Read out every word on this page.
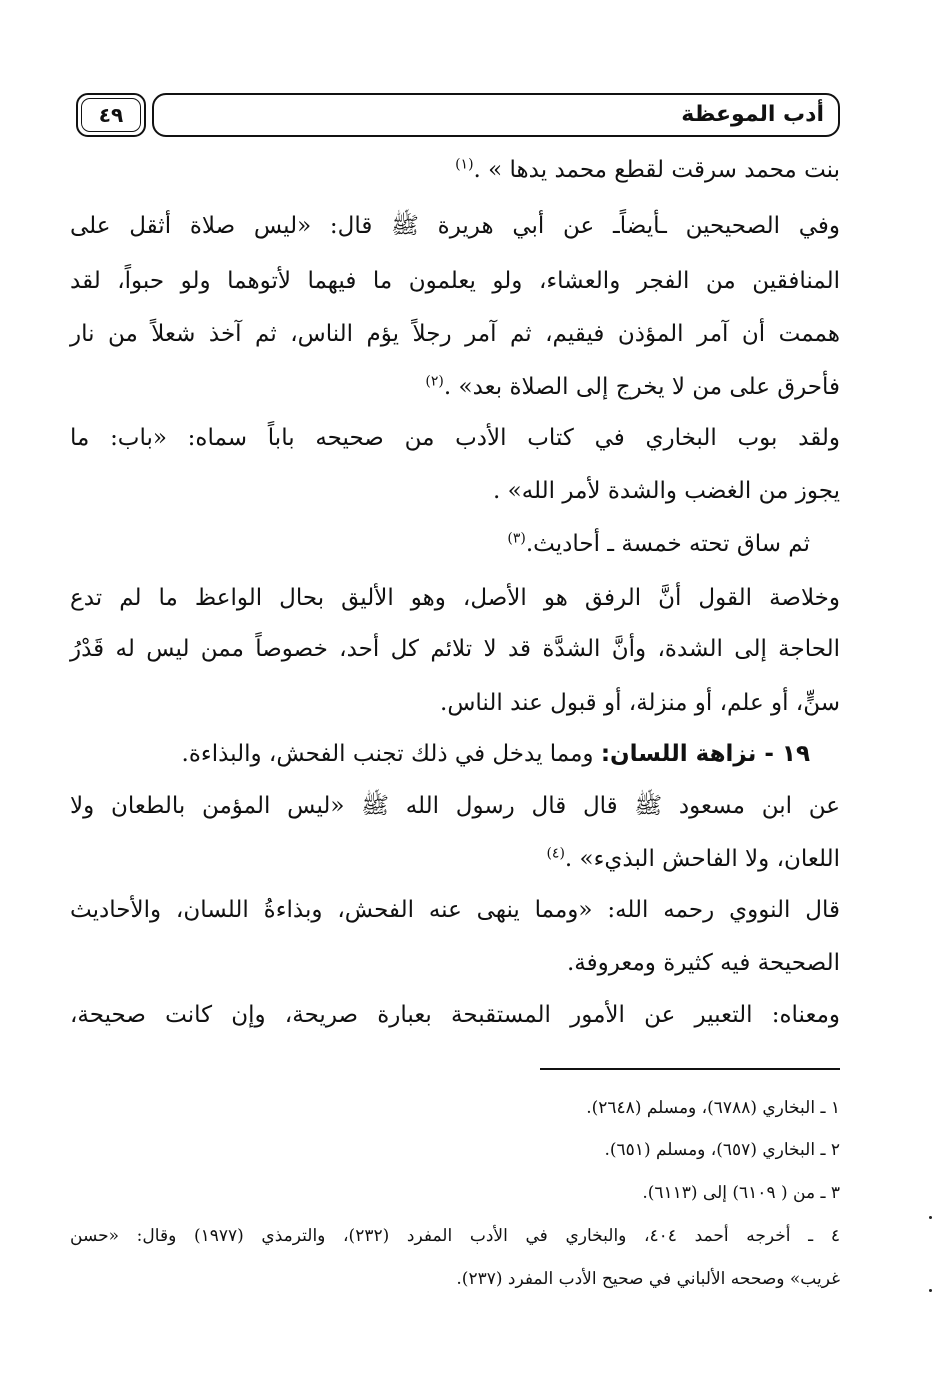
٤٩	أدب الموعظة
بنت محمد سرقت لقطع محمد يدها » .$^{(١)}$
وفي الصحيحين ـأيضاًـ عن أبي هريرة ﷺ قال: «ليس صلاة أثقل على
المنافقين من الفجر والعشاء، ولو يعلمون ما فيهما لأتوهما ولو حبواً، لقد
هممت أن آمر المؤذن فيقيم، ثم آمر رجلاً يؤم الناس، ثم آخذ شعلاً من نار
فأحرق على من لا يخرج إلى الصلاة بعد» .$^{(٢)}$
ولقد بوب البخاري في كتاب الأدب من صحيحه باباً سماه: «باب: ما
يجوز من الغضب والشدة لأمر الله» .
ثم ساق تحته خمسة ـ أحاديث.$^{(٣)}$
وخلاصة القول أنَّ الرفق هو الأصل، وهو الأليق بحال الواعظ ما لم تدع
الحاجة إلى الشدة، وأنَّ الشدَّة قد لا تلائم كل أحد، خصوصاً ممن ليس له قَدْرُ
سنٍّ، أو علم، أو منزلة، أو قبول عند الناس.
١٩ - نزاهة اللسان: ومما يدخل في ذلك تجنب الفحش، والبذاءة.
عن ابن مسعود ﷺ قال قال رسول الله ﷺ «ليس المؤمن بالطعان ولا
اللعان، ولا الفاحش البذيء» .$^{(٤)}$
قال النووي رحمه الله: «ومما ينهى عنه الفحش، وبذاءةُ اللسان، والأحاديث
الصحيحة فيه كثيرة ومعروفة.
ومعناه: التعبير عن الأمور المستقبحة بعبارة صريحة، وإن كانت صحيحة،
١ ـ البخاري (٦٧٨٨)، ومسلم (٢٦٤٨).
٢ ـ البخاري (٦٥٧)، ومسلم (٦٥١).
٣ ـ من ( ٦١٠٩) إلى (٦١١٣).
٤ ـ أخرجه أحمد ٤٠٤، والبخاري في الأدب المفرد (٢٣٢)، والترمذي (١٩٧٧) وقال: «حسن
غريب» وصححه الألباني في صحيح الأدب المفرد (٢٣٧).
